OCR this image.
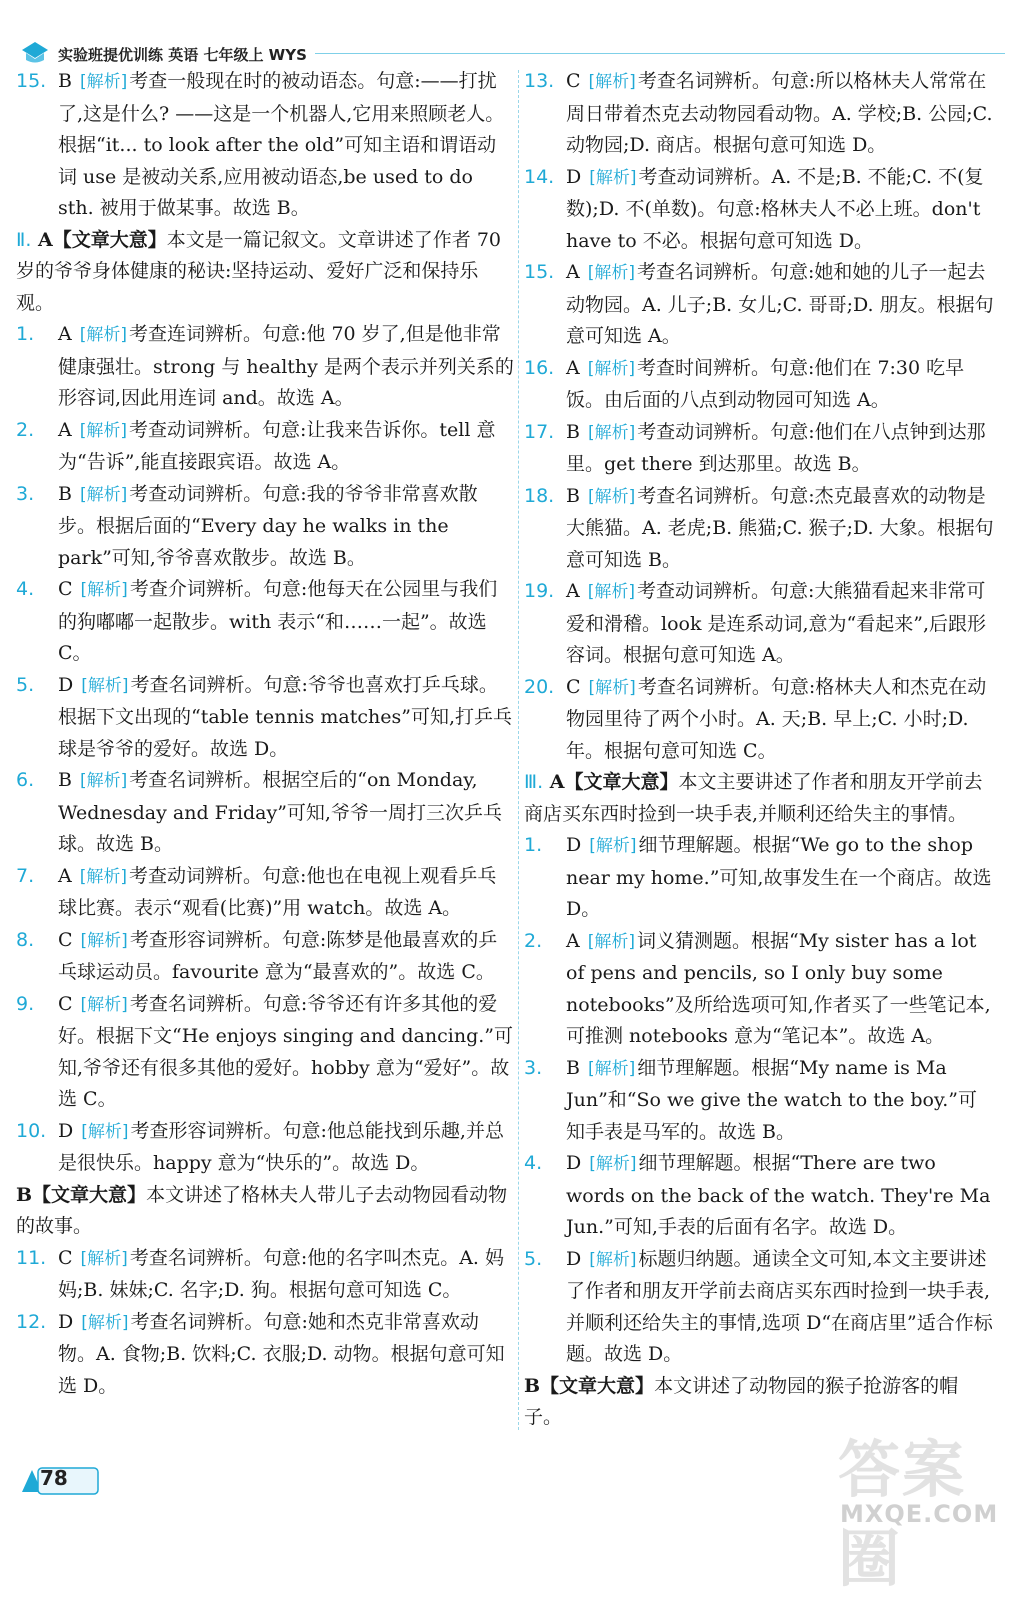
实验班提优训练 英语 七年级上 WYS
15. B [解析] 考查一般现在时的被动语态。句意:——打扰了,这是什么? ——这是一个机器人,它用来照顾老人。根据“it... to look after the old”可知主语和谓语动词 use 是被动关系,应用被动语态,be used to do sth. 被用于做某事。故选 B。
Ⅱ. A【文章大意】本文是一篇记叙文。文章讲述了作者 70 岁的爷爷身体健康的秘诀:坚持运动、爱好广泛和保持乐观。
1. A [解析] 考查连词辨析。句意:他 70 岁了,但是他非常健康强壮。strong 与 healthy 是两个表示并列关系的形容词,因此用连词 and。故选 A。
2. A [解析] 考查动词辨析。句意:让我来告诉你。tell 意为“告诉”,能直接跟宾语。故选 A。
3. B [解析] 考查动词辨析。句意:我的爷爷非常喜欢散步。根据后面的“Every day he walks in the park”可知,爷爷喜欢散步。故选 B。
4. C [解析] 考查介词辨析。句意:他每天在公园里与我们的狗嘟嘟一起散步。with 表示“和……一起”。故选 C。
5. D [解析] 考查名词辨析。句意:爷爷也喜欢打乒乓球。根据下文出现的“table tennis matches”可知,打乒乓球是爷爷的爱好。故选 D。
6. B [解析] 考查名词辨析。根据空后的“on Monday, Wednesday and Friday”可知,爷爷一周打三次乒乓球。故选 B。
7. A [解析] 考查动词辨析。句意:他也在电视上观看乒乓球比赛。表示“观看(比赛)”用 watch。故选 A。
8. C [解析] 考查形容词辨析。句意:陈梦是他最喜欢的乒乓球运动员。favourite 意为“最喜欢的”。故选 C。
9. C [解析] 考查名词辨析。句意:爷爷还有许多其他的爱好。根据下文“He enjoys singing and dancing.”可知,爷爷还有很多其他的爱好。hobby 意为“爱好”。故选 C。
10. D [解析] 考查形容词辨析。句意:他总能找到乐趣,并总是很快乐。happy 意为“快乐的”。故选 D。
B【文章大意】本文讲述了格林夫人带儿子去动物园看动物的故事。
11. C [解析] 考查名词辨析。句意:他的名字叫杰克。A. 妈妈;B. 妹妹;C. 名字;D. 狗。根据句意可知选 C。
12. D [解析] 考查名词辨析。句意:她和杰克非常喜欢动物。A. 食物;B. 饮料;C. 衣服;D. 动物。根据句意可知选 D。
13. C [解析] 考查名词辨析。句意:所以格林夫人常常在周日带着杰克去动物园看动物。A. 学校;B. 公园;C. 动物园;D. 商店。根据句意可知选 D。
14. D [解析] 考查动词辨析。A. 不是;B. 不能;C. 不(复数);D. 不(单数)。句意:格林夫人不必上班。don't have to 不必。根据句意可知选 D。
15. A [解析] 考查名词辨析。句意:她和她的儿子一起去动物园。A. 儿子;B. 女儿;C. 哥哥;D. 朋友。根据句意可知选 A。
16. A [解析] 考查时间辨析。句意:他们在 7:30 吃早饭。由后面的八点到动物园可知选 A。
17. B [解析] 考查动词辨析。句意:他们在八点钟到达那里。get there 到达那里。故选 B。
18. B [解析] 考查名词辨析。句意:杰克最喜欢的动物是大熊猫。A. 老虎;B. 熊猫;C. 猴子;D. 大象。根据句意可知选 B。
19. A [解析] 考查动词辨析。句意:大熊猫看起来非常可爱和滑稽。look 是连系动词,意为“看起来”,后跟形容词。根据句意可知选 A。
20. C [解析] 考查名词辨析。句意:格林夫人和杰克在动物园里待了两个小时。A. 天;B. 早上;C. 小时;D. 年。根据句意可知选 C。
Ⅲ. A【文章大意】本文主要讲述了作者和朋友开学前去商店买东西时捡到一块手表,并顺利还给失主的事情。
1. D [解析] 细节理解题。根据“We go to the shop near my home.”可知,故事发生在一个商店。故选 D。
2. A [解析] 词义猜测题。根据“My sister has a lot of pens and pencils, so I only buy some notebooks”及所给选项可知,作者买了一些笔记本,可推测 notebooks 意为“笔记本”。故选 A。
3. B [解析] 细节理解题。根据“My name is Ma Jun”和“So we give the watch to the boy.”可知手表是马军的。故选 B。
4. D [解析] 细节理解题。根据“There are two words on the back of the watch. They're Ma Jun.”可知,手表的后面有名字。故选 D。
5. D [解析] 标题归纳题。通读全文可知,本文主要讲述了作者和朋友开学前去商店买东西时捡到一块手表,并顺利还给失主的事情,选项 D“在商店里”适合作标题。故选 D。
B【文章大意】本文讲述了动物园的猴子抢游客的帽子。
78	答案圈
MXQE.COM
